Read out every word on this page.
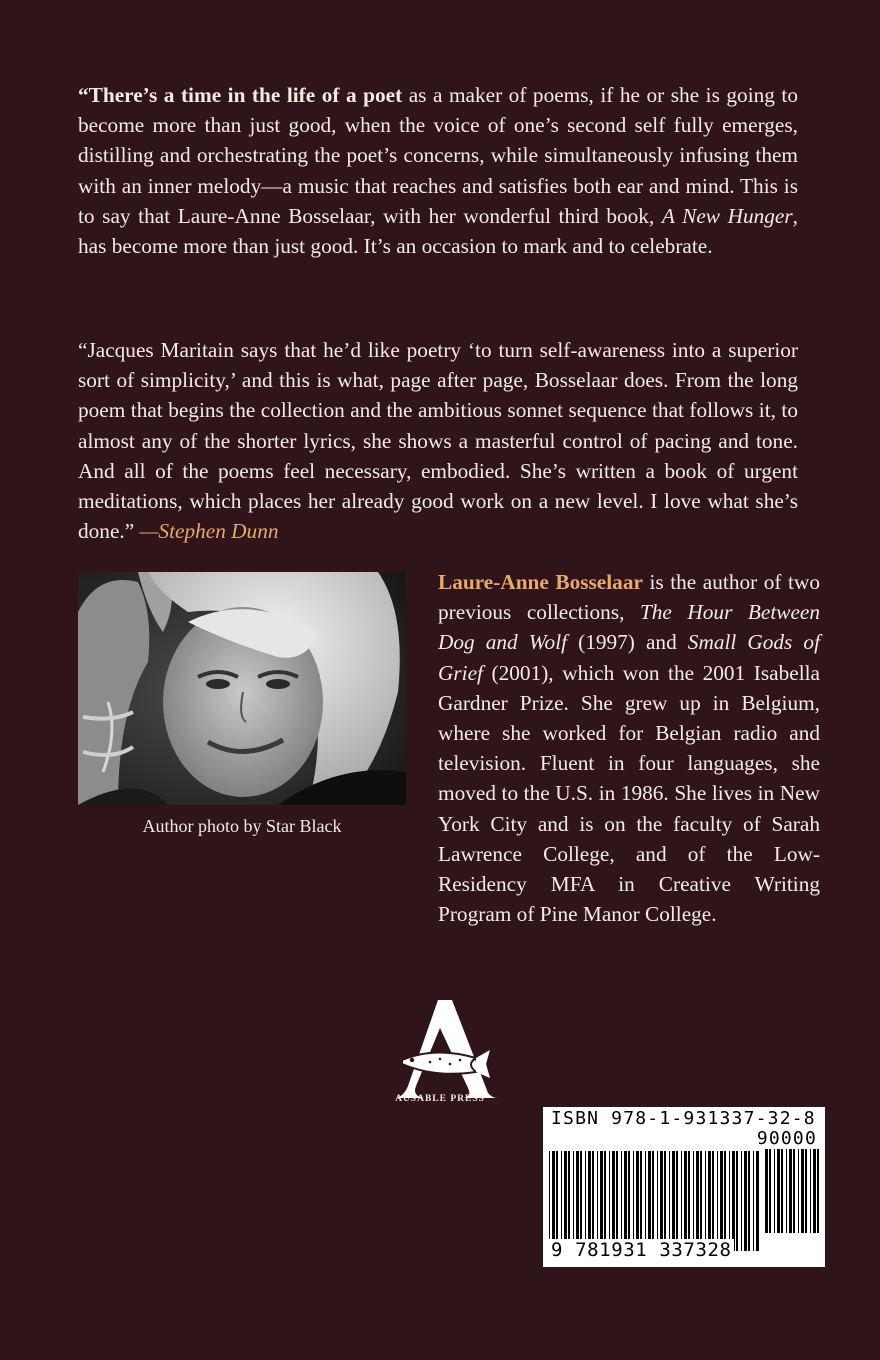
“There’s a time in the life of a poet as a maker of poems, if he or she is going to become more than just good, when the voice of one’s second self fully emerges, distilling and orchestrating the poet’s concerns, while simultaneously infusing them with an inner melody—a music that reaches and satisfies both ear and mind. This is to say that Laure-Anne Bosselaar, with her wonderful third book, A New Hunger, has become more than just good. It’s an occasion to mark and to celebrate.

“Jacques Maritain says that he’d like poetry ‘to turn self-awareness into a superior sort of simplicity,’ and this is what, page after page, Bosselaar does. From the long poem that begins the collection and the ambitious sonnet sequence that follows it, to almost any of the shorter lyrics, she shows a masterful control of pacing and tone. And all of the poems feel necessary, embodied. She’s written a book of urgent meditations, which places her already good work on a new level. I love what she’s done.” —Stephen Dunn

Author photo by Star Black

Laure-Anne Bosselaar is the author of two previous collections, The Hour Between Dog and Wolf (1997) and Small Gods of Grief (2001), which won the 2001 Isabella Gardner Prize. She grew up in Belgium, where she worked for Belgian radio and television. Fluent in four languages, she moved to the U.S. in 1986. She lives in New York City and is on the faculty of Sarah Lawrence College, and of the Low-Residency MFA in Creative Writing Program of Pine Manor College.

AUSABLE PRESS
ISBN 978-1-931337-32-8
90000
9 781931 337328
